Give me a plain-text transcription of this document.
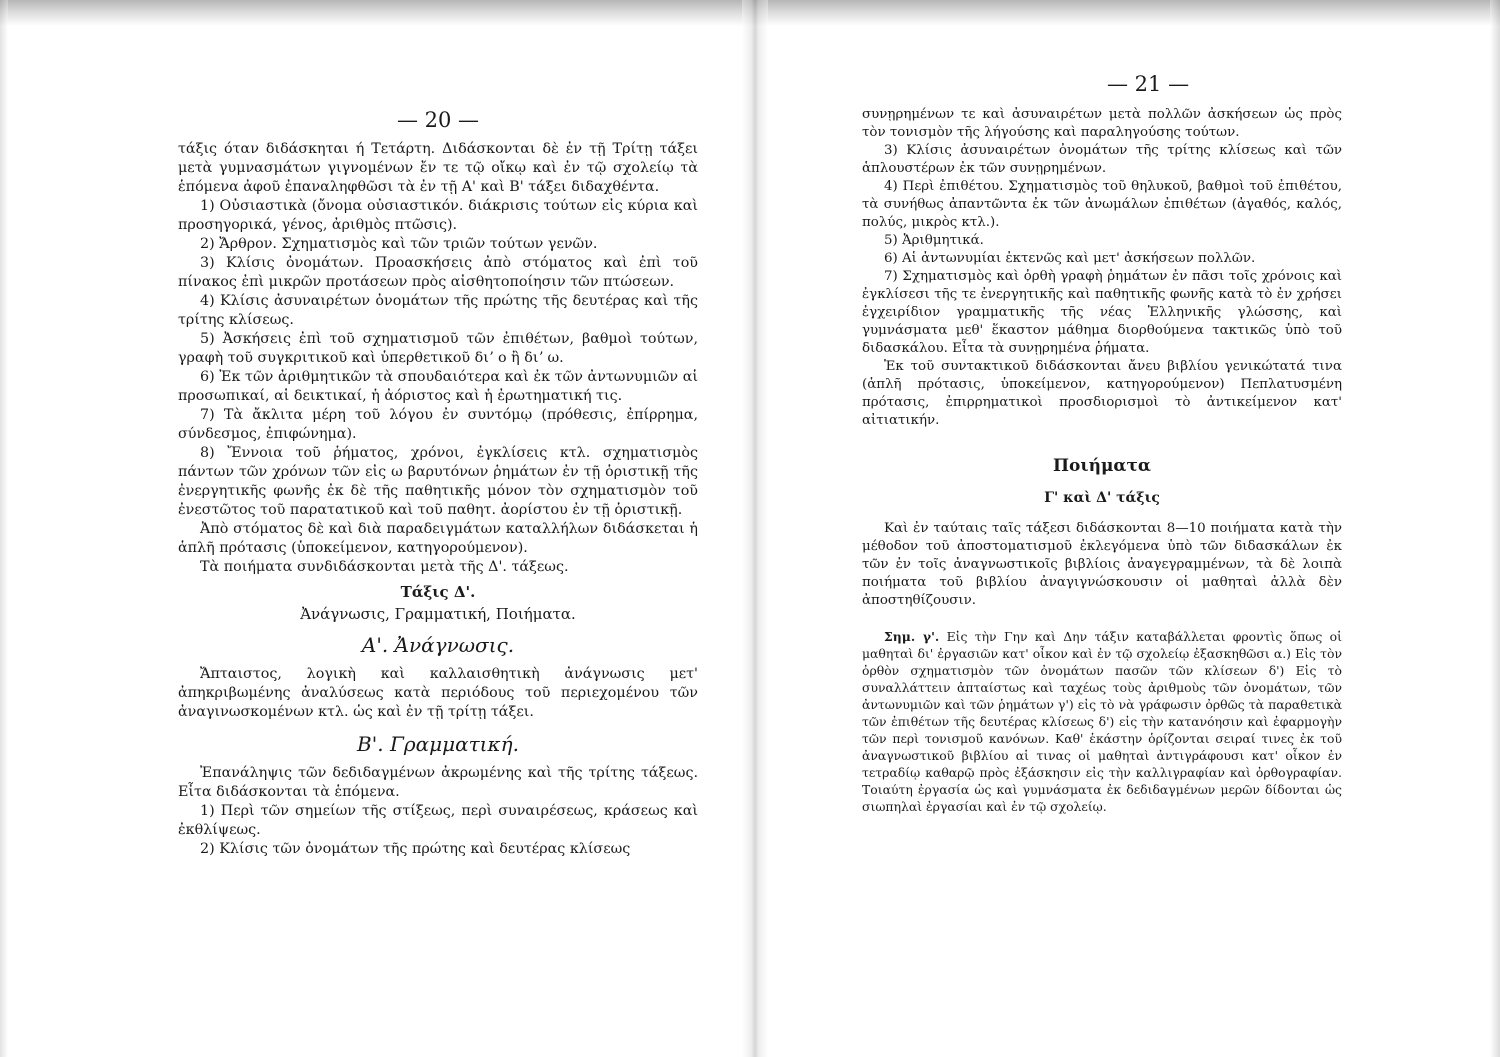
— 20 —

τάξις όταν διδάσκηται ή Τετάρτη. Διδάσκονται δὲ ἐν τῇ Τρίτῃ τάξει μετὰ γυμνασμάτων γιγνομένων ἔν τε τῷ οἴκῳ καὶ ἐν τῷ σχολείῳ τὰ ἑπόμενα ἀφοῦ ἐπαναληφθῶσι τὰ ἐν τῇ Α' καὶ Β' τάξει διδαχθέντα.

1) Οὐσιαστικὰ (ὄνομα οὐσιαστικόν. διάκρισις τούτων εἰς κύρια καὶ προσηγορικά, γένος, ἀριθμὸς πτῶσις).

2) Ἄρθρον. Σχηματισμὸς καὶ τῶν τριῶν τούτων γενῶν.

3) Κλίσις ὀνομάτων. Προασκήσεις ἀπὸ στόματος καὶ ἐπὶ τοῦ πίνακος ἐπὶ μικρῶν προτάσεων πρὸς αἰσθητοποίησιν τῶν πτώσεων.

4) Κλίσις ἀσυναιρέτων ὀνομάτων τῆς πρώτης τῆς δευτέρας καὶ τῆς τρίτης κλίσεως.

5) Ἀσκήσεις ἐπὶ τοῦ σχηματισμοῦ τῶν ἐπιθέτων, βαθμοὶ τούτων, γραφὴ τοῦ συγκριτικοῦ καὶ ὑπερθετικοῦ διʼ ο ἢ διʼ ω.

6) Ἐκ τῶν ἀριθμητικῶν τὰ σπουδαιότερα καὶ ἐκ τῶν ἀντωνυμιῶν αἱ προσωπικαί, αἱ δεικτικαί, ἡ ἀόριστος καὶ ἡ ἐρωτηματική τις.

7) Τὰ ἄκλιτα μέρη τοῦ λόγου ἐν συντόμῳ (πρόθεσις, ἐπίρρημα, σύνδεσμος, ἐπιφώνημα).

8) Ἔννοια τοῦ ῥήματος, χρόνοι, ἐγκλίσεις κτλ. σχηματισμὸς πάντων τῶν χρόνων τῶν εἰς ω βαρυτόνων ῥημάτων ἐν τῇ ὁριστικῇ τῆς ἐνεργητικῆς φωνῆς ἐκ δὲ τῆς παθητικῆς μόνον τὸν σχηματισμὸν τοῦ ἐνεστῶτος τοῦ παρατατικοῦ καὶ τοῦ παθητ. ἀορίστου ἐν τῇ ὁριστικῇ.

Ἀπὸ στόματος δὲ καὶ διὰ παραδειγμάτων καταλλήλων διδάσκεται ἡ ἁπλῆ πρότασις (ὑποκείμενον, κατηγορούμενον).

Τὰ ποιήματα συνδιδάσκονται μετὰ τῆς Δ'. τάξεως.

Τάξις Δ'.
Ἀνάγνωσις, Γραμματική, Ποιήματα.
Α'. Ἀνάγνωσις.

Ἄπταιστος, λογικὴ καὶ καλλαισθητικὴ ἀνάγνωσις μετ' ἀπηκριβωμένης ἀναλύσεως κατὰ περιόδους τοῦ περιεχομένου τῶν ἀναγινωσκομένων κτλ. ὡς καὶ ἐν τῇ τρίτῃ τάξει.

Β'. Γραμματική.

Ἐπανάληψις τῶν δεδιδαγμένων ἀκρωμένης καὶ τῆς τρίτης τάξεως. Εἶτα διδάσκονται τὰ ἑπόμενα.

1) Περὶ τῶν σημείων τῆς στίξεως, περὶ συναιρέσεως, κράσεως καὶ ἐκθλίψεως.

2) Κλίσις τῶν ὀνομάτων τῆς πρώτης καὶ δευτέρας κλίσεως

— 21 —

συνῃρημένων τε καὶ ἀσυναιρέτων μετὰ πολλῶν ἀσκήσεων ὡς πρὸς τὸν τονισμὸν τῆς λήγούσης καὶ παραληγούσης τούτων.

3) Κλίσις ἀσυναιρέτων ὀνομάτων τῆς τρίτης κλίσεως καὶ τῶν ἁπλουστέρων ἐκ τῶν συνῃρημένων.

4) Περὶ ἐπιθέτου. Σχηματισμὸς τοῦ θηλυκοῦ, βαθμοὶ τοῦ ἐπιθέτου, τὰ συνήθως ἀπαντῶντα ἐκ τῶν ἀνωμάλων ἐπιθέτων (ἀγαθός, καλός, πολύς, μικρὸς κτλ.).

5) Ἀριθμητικά.

6) Αἱ ἀντωνυμίαι ἐκτενῶς καὶ μετ' ἀσκήσεων πολλῶν.

7) Σχηματισμὸς καὶ ὀρθὴ γραφὴ ῥημάτων ἐν πᾶσι τοῖς χρόνοις καὶ ἐγκλίσεσι τῆς τε ἐνεργητικῆς καὶ παθητικῆς φωνῆς κατὰ τὸ ἐν χρήσει ἐγχειρίδιον γραμματικῆς τῆς νέας Ἑλληνικῆς γλώσσης, καὶ γυμνάσματα μεθ' ἕκαστον μάθημα διορθούμενα τακτικῶς ὑπὸ τοῦ διδασκάλου. Εἶτα τὰ συνῃρημένα ῥήματα.

Ἐκ τοῦ συντακτικοῦ διδάσκονται ἄνευ βιβλίου γενικώτατά τινα (ἁπλῆ πρότασις, ὑποκείμενον, κατηγορούμενον) Πεπλατυσμένη πρότασις, ἐπιρρηματικοὶ προσδιορισμοὶ τὸ ἀντικείμενον κατ' αἰτιατικήν.

Ποιήματα
Γ' καὶ Δ' τάξις

Καὶ ἐν ταύταις ταῖς τάξεσι διδάσκονται 8—10 ποιήματα κατὰ τὴν μέθοδον τοῦ ἀποστοματισμοῦ ἐκλεγόμενα ὑπὸ τῶν διδασκάλων ἐκ τῶν ἐν τοῖς ἀναγνωστικοῖς βιβλίοις ἀναγεγραμμένων, τὰ δὲ λοιπὰ ποιήματα τοῦ βιβλίου ἀναγιγνώσκουσιν οἱ μαθηταὶ ἀλλὰ δὲν ἀποστηθίζουσιν.

Σημ. γ'. Εἰς τὴν Γην καὶ Δην τάξιν καταβάλλεται φροντὶς ὅπως οἱ μαθηταὶ δι' ἐργασιῶν κατ' οἶκον καὶ ἐν τῷ σχολείῳ ἐξασκηθῶσι α.) Εἰς τὸν ὀρθὸν σχηματισμὸν τῶν ὀνομάτων πασῶν τῶν κλίσεων δ') Εἰς τὸ συναλλάττειν ἀπταίστως καὶ ταχέως τοὺς ἀριθμοὺς τῶν ὀνομάτων, τῶν ἀντωνυμιῶν καὶ τῶν ῥημάτων γ') εἰς τὸ νὰ γράφωσιν ὀρθῶς τὰ παραθετικὰ τῶν ἐπιθέτων τῆς δευτέρας κλίσεως δ') εἰς τὴν κατανόησιν καὶ ἐφαρμογὴν τῶν περὶ τονισμοῦ κανόνων. Καθ' ἑκάστην ὁρίζονται σειραί τινες ἐκ τοῦ ἀναγνωστικοῦ βιβλίου αἱ τινας οἱ μαθηταὶ ἀντιγράφουσι κατ' οἶκον ἐν τετραδίῳ καθαρῷ πρὸς ἐξάσκησιν εἰς τὴν καλλιγραφίαν καὶ ὀρθογραφίαν. Τοιαύτη ἐργασία ὡς καὶ γυμνάσματα ἐκ δεδιδαγμένων μερῶν δίδονται ὡς σιωπηλαὶ ἐργασίαι καὶ ἐν τῷ σχολείῳ.
